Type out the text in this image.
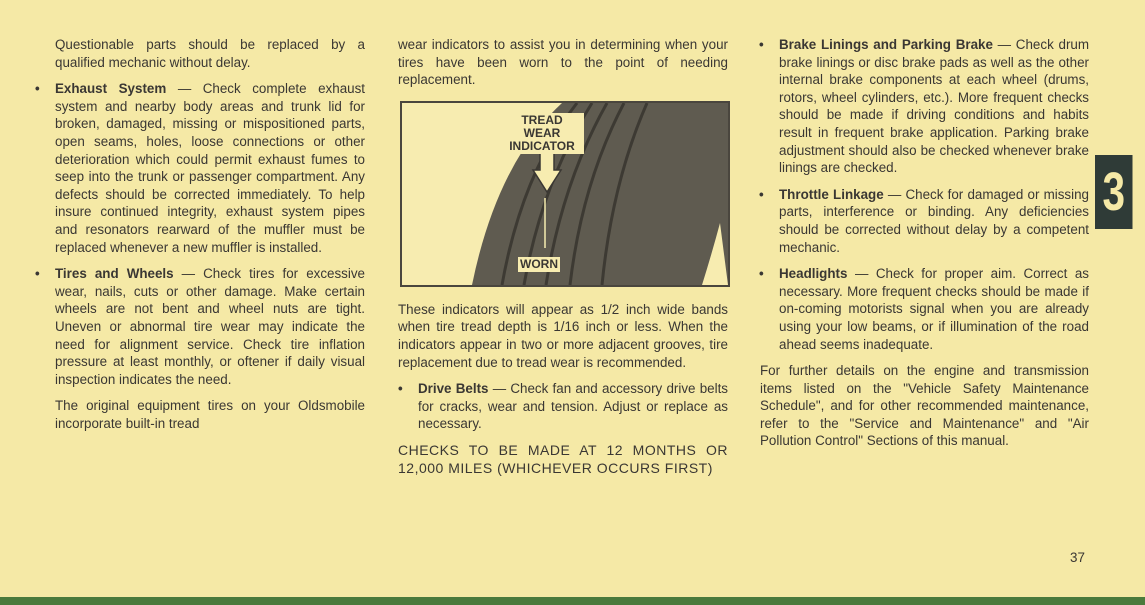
Questionable parts should be replaced by a qualified mechanic without delay.

• Exhaust System — Check complete exhaust system and nearby body areas and trunk lid for broken, damaged, missing or mispositioned parts, open seams, holes, loose connections or other deterioration which could permit exhaust fumes to seep into the trunk or passenger compartment. Any defects should be corrected immediately. To help insure continued integrity, exhaust system pipes and resonators rearward of the muffler must be replaced whenever a new muffler is installed.

• Tires and Wheels — Check tires for excessive wear, nails, cuts or other damage. Make certain wheels are not bent and wheel nuts are tight. Uneven or abnormal tire wear may indicate the need for alignment service. Check tire inflation pressure at least monthly, or oftener if daily visual inspection indicates the need.

The original equipment tires on your Oldsmobile incorporate built-in tread

wear indicators to assist you in determining when your tires have been worn to the point of needing replacement.

TREAD WEAR INDICATOR
WORN

These indicators will appear as 1/2 inch wide bands when tire tread depth is 1/16 inch or less. When the indicators appear in two or more adjacent grooves, tire replacement due to tread wear is recommended.

• Drive Belts — Check fan and accessory drive belts for cracks, wear and tension. Adjust or replace as necessary.

CHECKS TO BE MADE AT 12 MONTHS OR 12,000 MILES (WHICHEVER OCCURS FIRST)

• Brake Linings and Parking Brake — Check drum brake linings or disc brake pads as well as the other internal brake components at each wheel (drums, rotors, wheel cylinders, etc.). More frequent checks should be made if driving conditions and habits result in frequent brake application. Parking brake adjustment should also be checked whenever brake linings are checked.

• Throttle Linkage — Check for damaged or missing parts, interference or binding. Any deficiencies should be corrected without delay by a competent mechanic.

• Headlights — Check for proper aim. Correct as necessary. More frequent checks should be made if on-coming motorists signal when you are already using your low beams, or if illumination of the road ahead seems inadequate.

For further details on the engine and transmission items listed on the "Vehicle Safety Maintenance Schedule", and for other recommended maintenance, refer to the "Service and Maintenance" and "Air Pollution Control" Sections of this manual.

3
37
